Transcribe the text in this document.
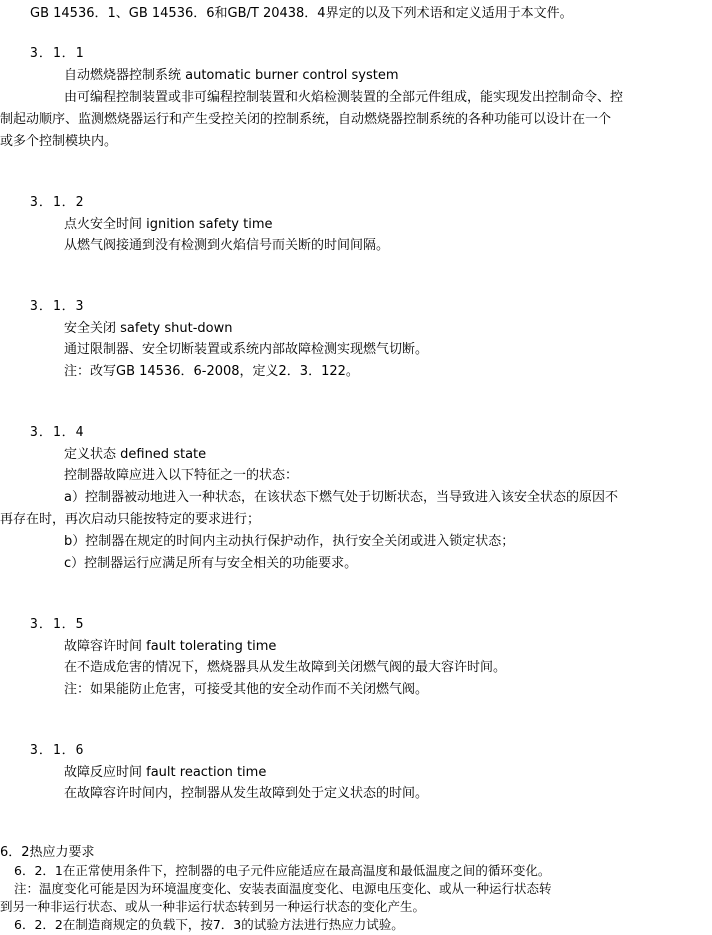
GB 14536．1、GB 14536．6和GB/T 20438．4界定的以及下列术语和定义适用于本文件。
3．1．1
自动燃烧器控制系统 automatic burner control system
由可编程控制装置或非可编程控制装置和火焰检测装置的全部元件组成，能实现发出控制命令、控
制起动顺序、监测燃烧器运行和产生受控关闭的控制系统，自动燃烧器控制系统的各种功能可以设计在一个
或多个控制模块内。
3．1．2
点火安全时间 ignition safety time
从燃气阀接通到没有检测到火焰信号而关断的时间间隔。
3．1．3
安全关闭 safety shut-down
通过限制器、安全切断装置或系统内部故障检测实现燃气切断。
注：改写GB 14536．6-2008，定义2．3．122。
3．1．4
定义状态 defined state
控制器故障应进入以下特征之一的状态：
a）控制器被动地进入一种状态，在该状态下燃气处于切断状态，当导致进入该安全状态的原因不
再存在时，再次启动只能按特定的要求进行；
b）控制器在规定的时间内主动执行保护动作，执行安全关闭或进入锁定状态；
c）控制器运行应满足所有与安全相关的功能要求。
3．1．5
故障容许时间 fault tolerating time
在不造成危害的情况下，燃烧器具从发生故障到关闭燃气阀的最大容许时间。
注：如果能防止危害，可接受其他的安全动作而不关闭燃气阀。
3．1．6
故障反应时间 fault reaction time
在故障容许时间内，控制器从发生故障到处于定义状态的时间。
6．2热应力要求
6．2．1在正常使用条件下，控制器的电子元件应能适应在最高温度和最低温度之间的循环变化。
注：温度变化可能是因为环境温度变化、安装表面温度变化、电源电压变化、或从一种运行状态转
到另一种非运行状态、或从一种非运行状态转到另一种运行状态的变化产生。
6．2．2在制造商规定的负载下，按7．3的试验方法进行热应力试验。
